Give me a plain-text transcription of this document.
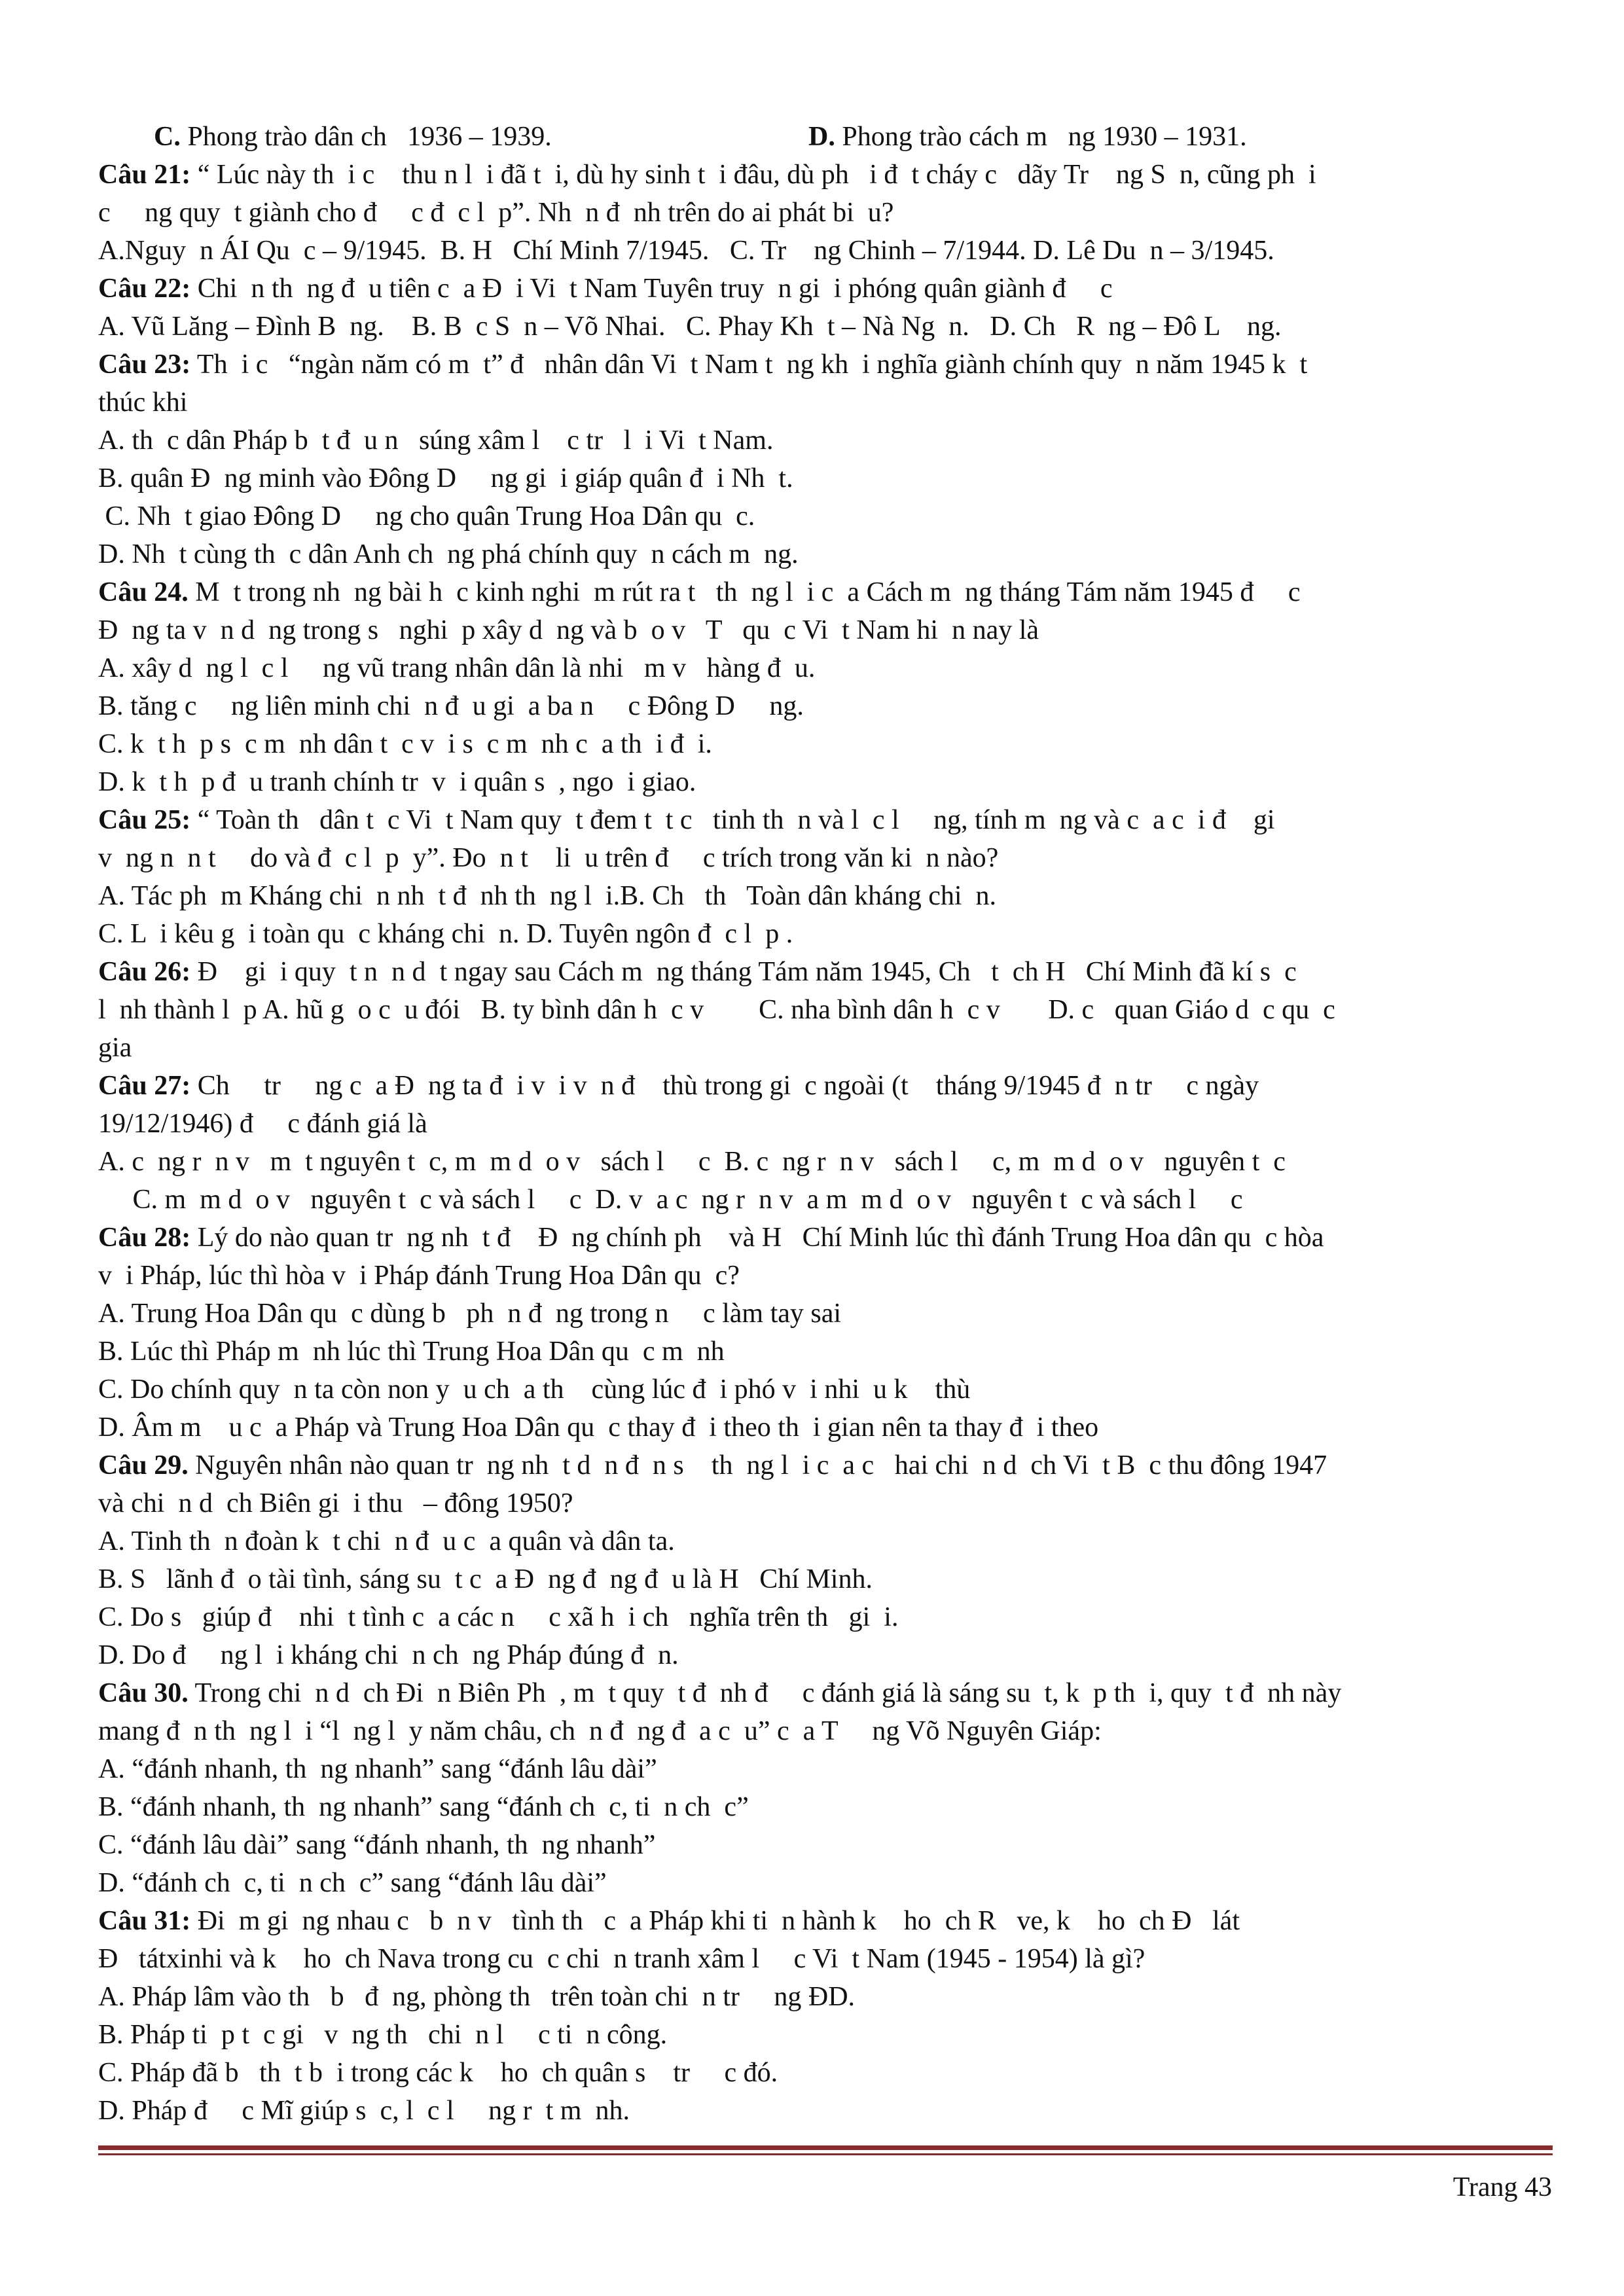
C. Phong trào dân ch   1936 – 1939.	D. Phong trào cách m   ng 1930 – 1931.
Câu 21: “ Lúc này th  i c    thu n l  i đã t  i, dù hy sinh t  i đâu, dù ph   i đ  t cháy c   dãy Tr    ng S  n, cũng ph  i
c     ng quy  t giành cho đ     c đ  c l  p”. Nh  n đ  nh trên do ai phát bi  u?
A.Nguy  n ÁI Qu  c – 9/1945.  B. H   Chí Minh 7/1945.   C. Tr    ng Chinh – 7/1944. D. Lê Du  n – 3/1945.
Câu 22: Chi  n th  ng đ  u tiên c  a Đ  i Vi  t Nam Tuyên truy  n gi  i phóng quân giành đ     c
A. Vũ Lăng – Đình B  ng.    B. B  c S  n – Võ Nhai.   C. Phay Kh  t – Nà Ng  n.   D. Ch   R  ng – Đô L    ng.
Câu 23: Th  i c   “ngàn năm có m  t” đ   nhân dân Vi  t Nam t  ng kh  i nghĩa giành chính quy  n năm 1945 k  t
thúc khi
A. th  c dân Pháp b  t đ  u n   súng xâm l    c tr   l  i Vi  t Nam.
B. quân Đ  ng minh vào Đông D     ng gi  i giáp quân đ  i Nh  t.
C. Nh  t giao Đông D     ng cho quân Trung Hoa Dân qu  c.
D. Nh  t cùng th  c dân Anh ch  ng phá chính quy  n cách m  ng.
Câu 24. M  t trong nh  ng bài h  c kinh nghi  m rút ra t   th  ng l  i c  a Cách m  ng tháng Tám năm 1945 đ     c
Đ  ng ta v  n d  ng trong s   nghi  p xây d  ng và b  o v   T   qu  c Vi  t Nam hi  n nay là
A. xây d  ng l  c l     ng vũ trang nhân dân là nhi   m v   hàng đ  u.
B. tăng c     ng liên minh chi  n đ  u gi  a ba n     c Đông D     ng.
C. k  t h  p s  c m  nh dân t  c v  i s  c m  nh c  a th  i đ  i.
D. k  t h  p đ  u tranh chính tr  v  i quân s  , ngo  i giao.
Câu 25: “ Toàn th   dân t  c Vi  t Nam quy  t đem t  t c   tinh th  n và l  c l     ng, tính m  ng và c  a c  i đ    gi
v  ng n  n t     do và đ  c l  p  y”. Đo  n t    li  u trên đ     c trích trong văn ki  n nào?
A. Tác ph  m Kháng chi  n nh  t đ  nh th  ng l  i.B. Ch   th   Toàn dân kháng chi  n.
C. L  i kêu g  i toàn qu  c kháng chi  n. D. Tuyên ngôn đ  c l  p .
Câu 26: Đ    gi  i quy  t n  n d  t ngay sau Cách m  ng tháng Tám năm 1945, Ch   t  ch H   Chí Minh đã kí s  c
l  nh thành l  p A. hũ g  o c  u đói   B. ty bình dân h  c v        C. nha bình dân h  c v       D. c   quan Giáo d  c qu  c
gia
Câu 27: Ch     tr     ng c  a Đ  ng ta đ  i v  i v  n đ    thù trong gi  c ngoài (t    tháng 9/1945 đ  n tr     c ngày
19/12/1946) đ     c đánh giá là
A. c  ng r  n v   m  t nguyên t  c, m  m d  o v   sách l     c  B. c  ng r  n v   sách l     c, m  m d  o v   nguyên t  c
C. m  m d  o v   nguyên t  c và sách l     c  D. v  a c  ng r  n v  a m  m d  o v   nguyên t  c và sách l     c
Câu 28: Lý do nào quan tr  ng nh  t đ    Đ  ng chính ph    và H   Chí Minh lúc thì đánh Trung Hoa dân qu  c hòa
v  i Pháp, lúc thì hòa v  i Pháp đánh Trung Hoa Dân qu  c?
A. Trung Hoa Dân qu  c dùng b   ph  n đ  ng trong n     c làm tay sai
B. Lúc thì Pháp m  nh lúc thì Trung Hoa Dân qu  c m  nh
C. Do chính quy  n ta còn non y  u ch  a th    cùng lúc đ  i phó v  i nhi  u k    thù
D. Âm m    u c  a Pháp và Trung Hoa Dân qu  c thay đ  i theo th  i gian nên ta thay đ  i theo
Câu 29. Nguyên nhân nào quan tr  ng nh  t d  n đ  n s    th  ng l  i c  a c   hai chi  n d  ch Vi  t B  c thu đông 1947
và chi  n d  ch Biên gi  i thu   – đông 1950?
A. Tinh th  n đoàn k  t chi  n đ  u c  a quân và dân ta.
B. S   lãnh đ  o tài tình, sáng su  t c  a Đ  ng đ  ng đ  u là H   Chí Minh.
C. Do s   giúp đ    nhi  t tình c  a các n     c xã h  i ch   nghĩa trên th   gi  i.
D. Do đ     ng l  i kháng chi  n ch  ng Pháp đúng đ  n.
Câu 30. Trong chi  n d  ch Đi  n Biên Ph  , m  t quy  t đ  nh đ     c đánh giá là sáng su  t, k  p th  i, quy  t đ  nh này
mang đ  n th  ng l  i “l  ng l  y năm châu, ch  n đ  ng đ  a c  u” c  a T     ng Võ Nguyên Giáp:
A. “đánh nhanh, th  ng nhanh” sang “đánh lâu dài”
B. “đánh nhanh, th  ng nhanh” sang “đánh ch  c, ti  n ch  c”
C. “đánh lâu dài” sang “đánh nhanh, th  ng nhanh”
D. “đánh ch  c, ti  n ch  c” sang “đánh lâu dài”
Câu 31: Đi  m gi  ng nhau c   b  n v   tình th   c  a Pháp khi ti  n hành k    ho  ch R   ve, k    ho  ch Đ   lát
Đ   tátxinhi và k    ho  ch Nava trong cu  c chi  n tranh xâm l     c Vi  t Nam (1945 - 1954) là gì?
A. Pháp lâm vào th   b   đ  ng, phòng th   trên toàn chi  n tr     ng ĐD.
B. Pháp ti  p t  c gi   v  ng th   chi  n l     c ti  n công.
C. Pháp đã b   th  t b  i trong các k    ho  ch quân s    tr     c đó.
D. Pháp đ     c Mĩ giúp s  c, l  c l     ng r  t m  nh.
Trang 43
